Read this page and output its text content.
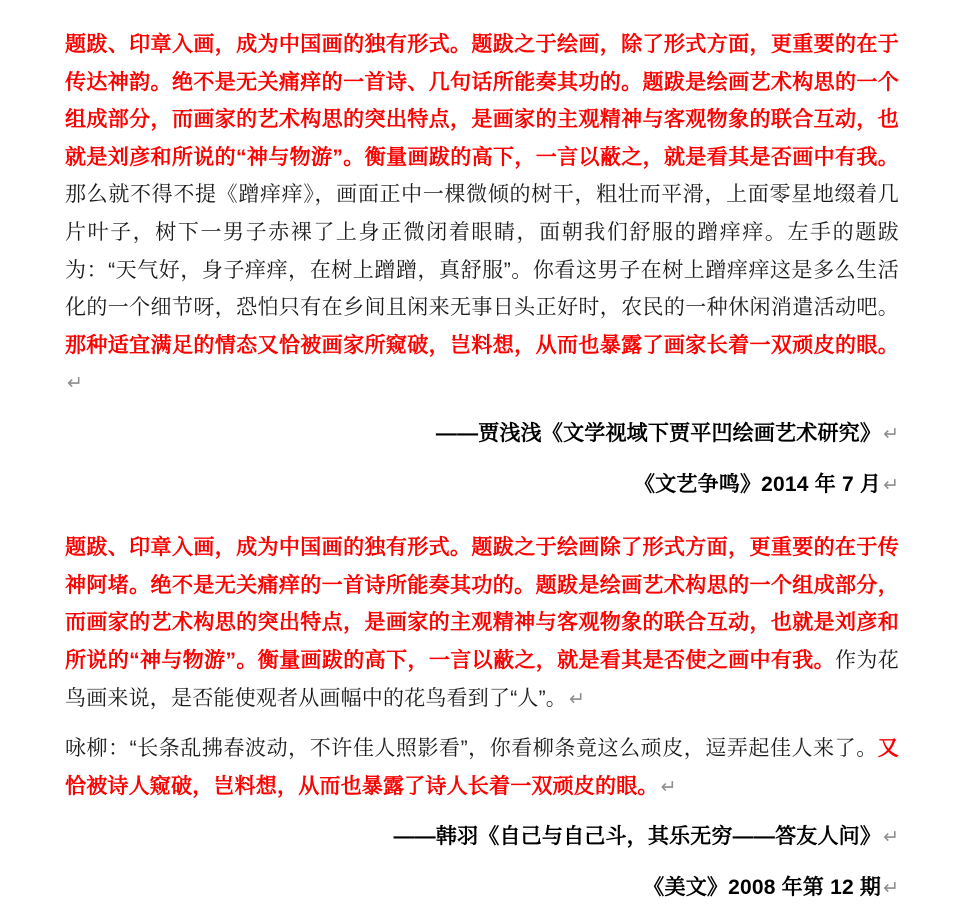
题跋、印章入画，成为中国画的独有形式。题跋之于绘画，除了形式方面，更重要的在于传达神韵。绝不是无关痛痒的一首诗、几句话所能奏其功的。题跋是绘画艺术构思的一个组成部分，而画家的艺术构思的突出特点，是画家的主观精神与客观物象的联合互动，也就是刘彦和所说的“神与物游”。衡量画跋的高下，一言以蔽之，就是看其是否画中有我。那么就不得不提《蹭痒痒》，画面正中一棵微倾的树干，粗壮而平滑，上面零星地缀着几片叶子，树下一男子赤裸了上身正微闭着眼睛，面朝我们舒服的蹭痒痒。左手的题跋为：“天气好，身子痒痒，在树上蹭蹭，真舒服”。你看这男子在树上蹭痒痒这是多么生活化的一个细节呀，恐怕只有在乡间且闲来无事日头正好时，农民的一种休闲消遣活动吧。那种适宜满足的情态又恰被画家所窥破，岂料想，从而也暴露了画家长着一双顽皮的眼。↵

——贾浅浅《文学视域下贾平凹绘画艺术研究》 ↵

《文艺争鸣》2014 年 7 月 ↵

题跋、印章入画，成为中国画的独有形式。题跋之于绘画除了形式方面，更重要的在于传神阿堵。绝不是无关痛痒的一首诗所能奏其功的。题跋是绘画艺术构思的一个组成部分，而画家的艺术构思的突出特点，是画家的主观精神与客观物象的联合互动，也就是刘彦和所说的“神与物游”。衡量画跋的高下，一言以蔽之，就是看其是否使之画中有我。作为花鸟画来说，是否能使观者从画幅中的花鸟看到了“人”。 ↵

咏柳：“长条乱拂春波动，不许佳人照影看”，你看柳条竟这么顽皮，逗弄起佳人来了。又恰被诗人窥破，岂料想，从而也暴露了诗人长着一双顽皮的眼。 ↵

——韩羽《自己与自己斗，其乐无穷——答友人问》 ↵

《美文》2008 年第 12 期 ↵
